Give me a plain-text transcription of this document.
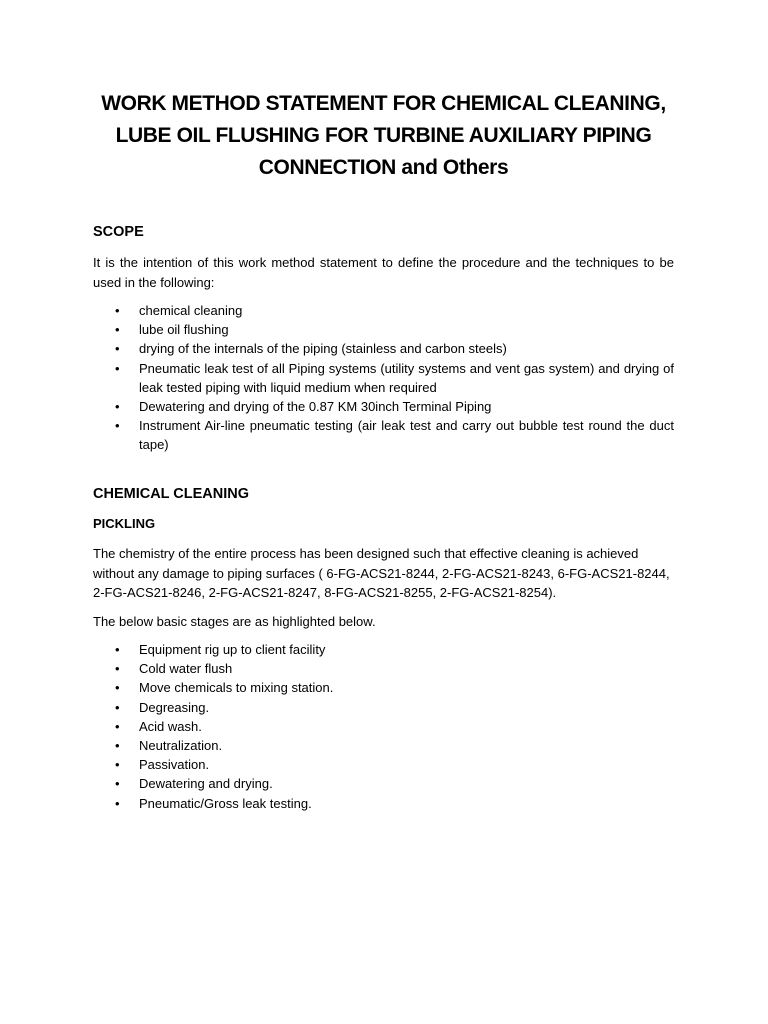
WORK METHOD STATEMENT FOR CHEMICAL CLEANING, LUBE OIL FLUSHING FOR TURBINE AUXILIARY PIPING CONNECTION and Others
SCOPE

It is the intention of this work method statement to define the procedure and the techniques to be used in the following:

• chemical cleaning
• lube oil flushing
• drying of the internals of the piping (stainless and carbon steels)
• Pneumatic leak test of all Piping systems (utility systems and vent gas system) and drying of leak tested piping with liquid medium when required
• Dewatering and drying of the 0.87 KM 30inch Terminal Piping
• Instrument Air-line pneumatic testing (air leak test and carry out bubble test round the duct tape)
CHEMICAL CLEANING
PICKLING

The chemistry of the entire process has been designed such that effective cleaning is achieved without any damage to piping surfaces ( 6-FG-ACS21-8244, 2-FG-ACS21-8243, 6-FG-ACS21-8244, 2-FG-ACS21-8246, 2-FG-ACS21-8247, 8-FG-ACS21-8255, 2-FG-ACS21-8254).

The below basic stages are as highlighted below.

• Equipment rig up to client facility
• Cold water flush
• Move chemicals to mixing station.
• Degreasing.
• Acid wash.
• Neutralization.
• Passivation.
• Dewatering and drying.
• Pneumatic/Gross leak testing.
